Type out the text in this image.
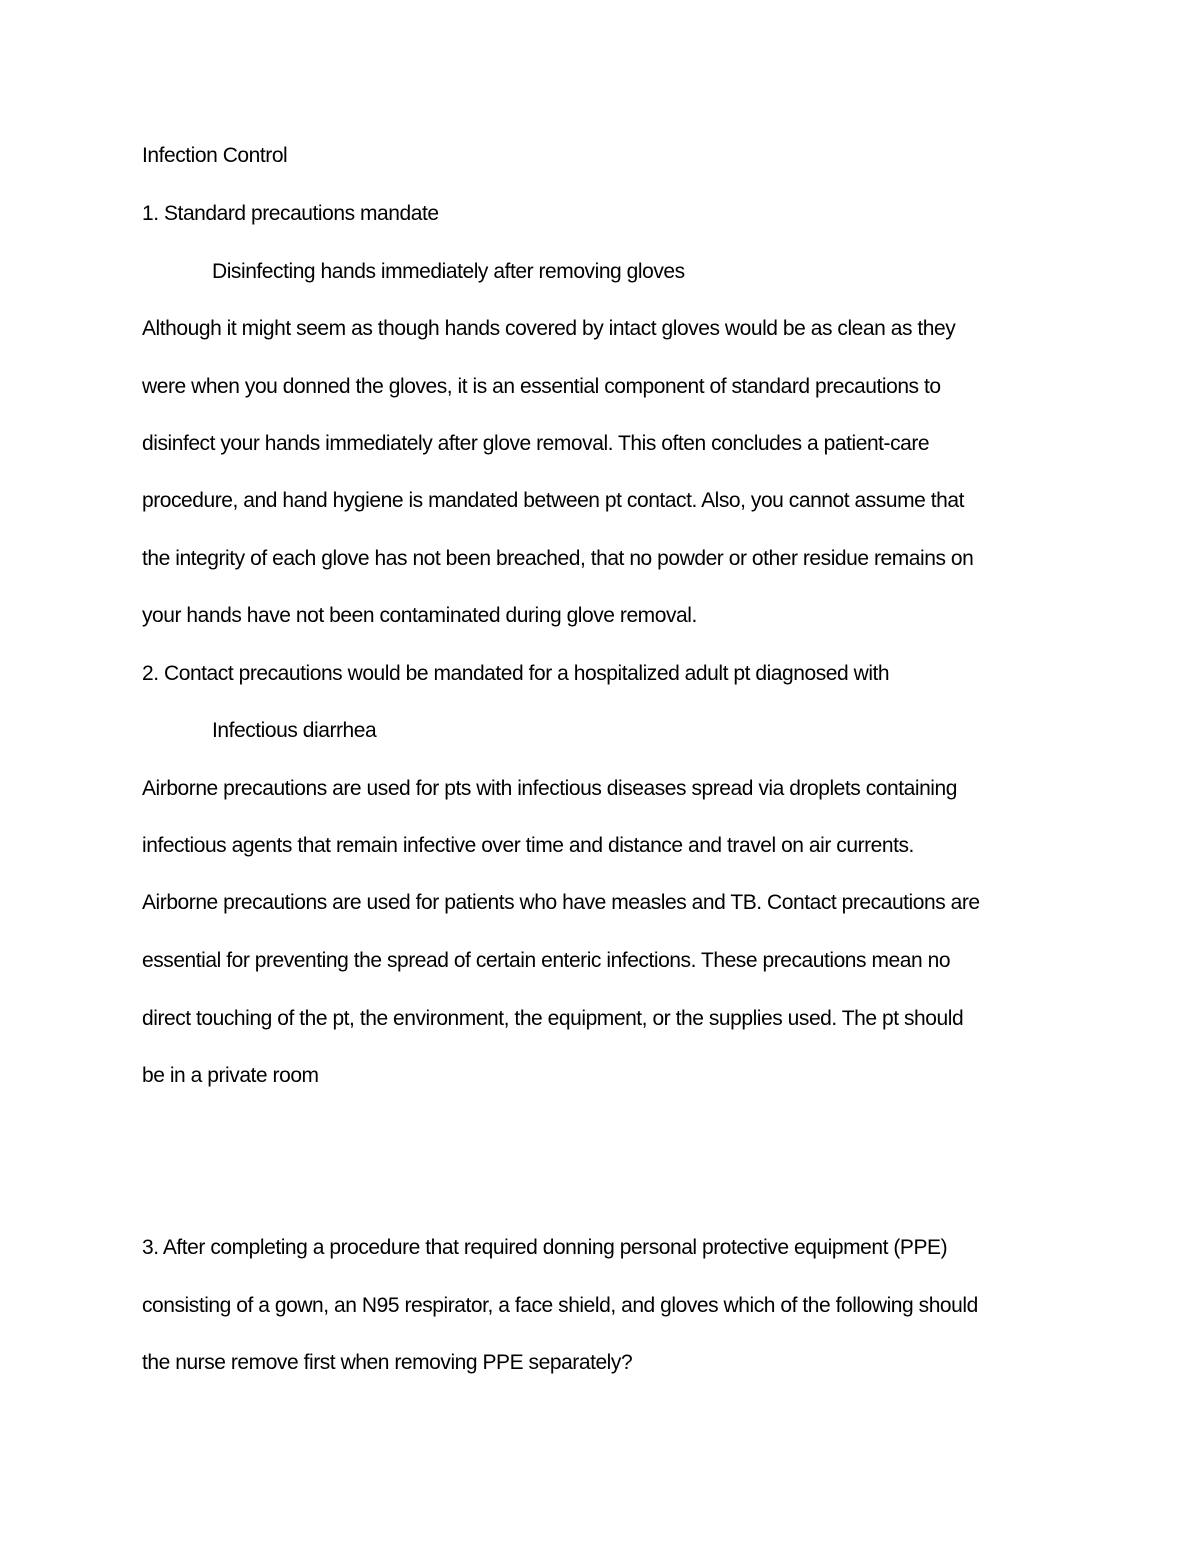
Infection Control
1. Standard precautions mandate
Disinfecting hands immediately after removing gloves
Although it might seem as though hands covered by intact gloves would be as clean as they
were when you donned the gloves, it is an essential component of standard precautions to
disinfect your hands immediately after glove removal. This often concludes a patient-care
procedure, and hand hygiene is mandated between pt contact. Also, you cannot assume that
the integrity of each glove has not been breached, that no powder or other residue remains on
your hands have not been contaminated during glove removal.
2. Contact precautions would be mandated for a hospitalized adult pt diagnosed with
Infectious diarrhea
Airborne precautions are used for pts with infectious diseases spread via droplets containing
infectious agents that remain infective over time and distance and travel on air currents.
Airborne precautions are used for patients who have measles and TB. Contact precautions are
essential for preventing the spread of certain enteric infections. These precautions mean no
direct touching of the pt, the environment, the equipment, or the supplies used. The pt should
be in a private room
3. After completing a procedure that required donning personal protective equipment (PPE)
consisting of a gown, an N95 respirator, a face shield, and gloves which of the following should
the nurse remove first when removing PPE separately?
